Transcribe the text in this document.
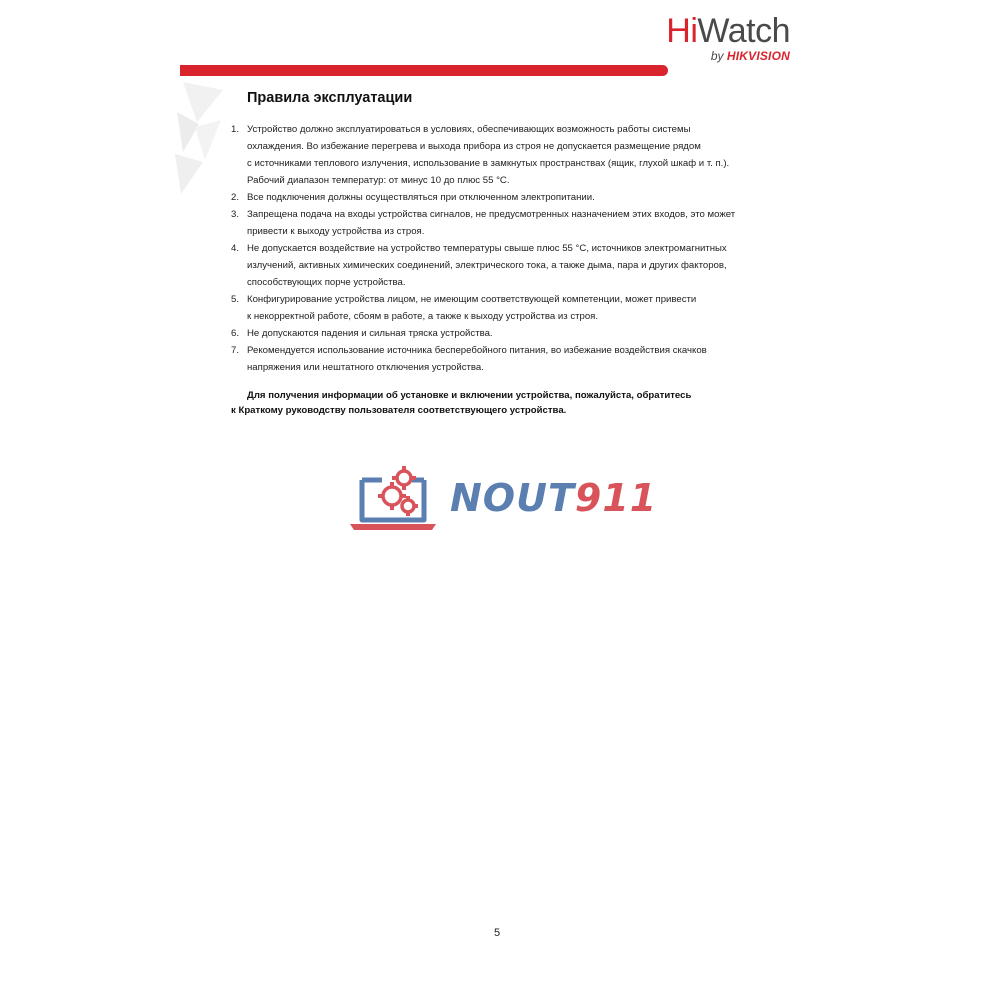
HiWatch
by HIKVISION
Правила эксплуатации
1. Устройство должно эксплуатироваться в условиях, обеспечивающих возможность работы системы
охлаждения. Во избежание перегрева и выхода прибора из строя не допускается размещение рядом
с источниками теплового излучения, использование в замкнутых пространствах (ящик, глухой шкаф и т. п.).
Рабочий диапазон температур: от минус 10 до плюс 55 °C.
2. Все подключения должны осуществляться при отключенном электропитании.
3. Запрещена подача на входы устройства сигналов, не предусмотренных назначением этих входов, это может
привести к выходу устройства из строя.
4. Не допускается воздействие на устройство температуры свыше плюс 55 °C, источников электромагнитных
излучений, активных химических соединений, электрического тока, а также дыма, пара и других факторов,
способствующих порче устройства.
5. Конфигурирование устройства лицом, не имеющим соответствующей компетенции, может привести
к некорректной работе, сбоям в работе, а также к выходу устройства из строя.
6. Не допускаются падения и сильная тряска устройства.
7. Рекомендуется использование источника бесперебойного питания, во избежание воздействия скачков
напряжения или нештатного отключения устройства.
Для получения информации об установке и включении устройства, пожалуйста, обратитесь
к Краткому руководству пользователя соответствующего устройства.
NOUT911
5
